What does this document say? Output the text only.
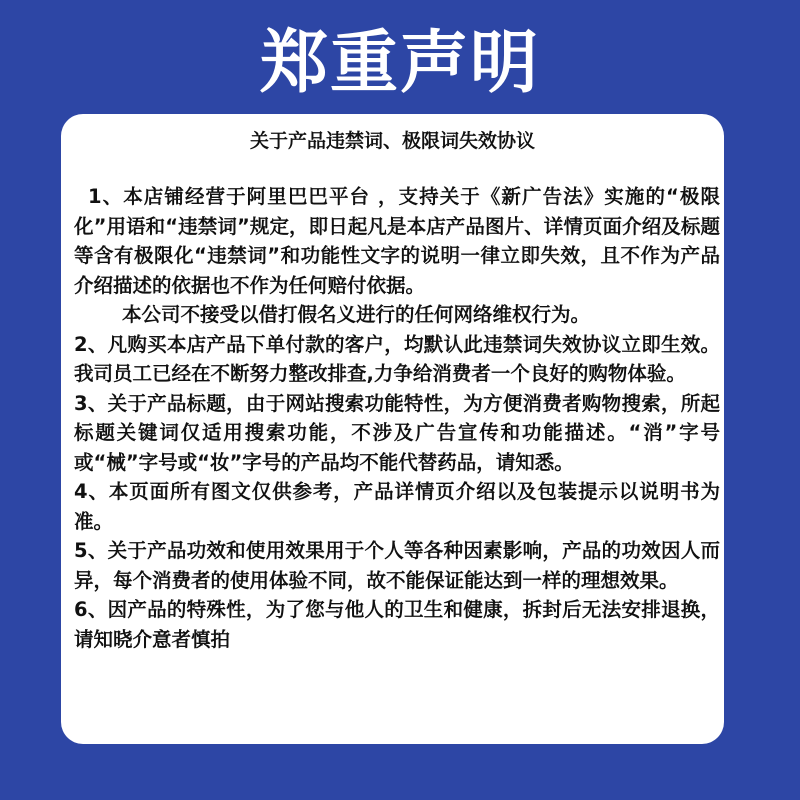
郑重声明
关于产品违禁词、极限词失效协议

1、本店铺经营于阿里巴巴平台 ，支持关于《新广告法》实施的“极限化”用语和“违禁词”规定，即日起凡是本店产品图片、详情页面介绍及标题等含有极限化“违禁词”和功能性文字的说明一律立即失效，且不作为产品介绍描述的依据也不作为任何赔付依据。

本公司不接受以借打假名义进行的任何网络维权行为。

2、凡购买本店产品下单付款的客户，均默认此违禁词失效协议立即生效。我司员工已经在不断努力整改排查,力争给消费者一个良好的购物体验。

3、关于产品标题，由于网站搜索功能特性，为方便消费者购物搜索，所起标题关键词仅适用搜索功能，不涉及广告宣传和功能描述。“消”字号或“械”字号或“妆”字号的产品均不能代替药品，请知悉。

4、本页面所有图文仅供参考，产品详情页介绍以及包装提示以说明书为准。

5、关于产品功效和使用效果用于个人等各种因素影响，产品的功效因人而异，每个消费者的使用体验不同，故不能保证能达到一样的理想效果。

6、因产品的特殊性，为了您与他人的卫生和健康，拆封后无法安排退换，请知晓介意者慎拍
